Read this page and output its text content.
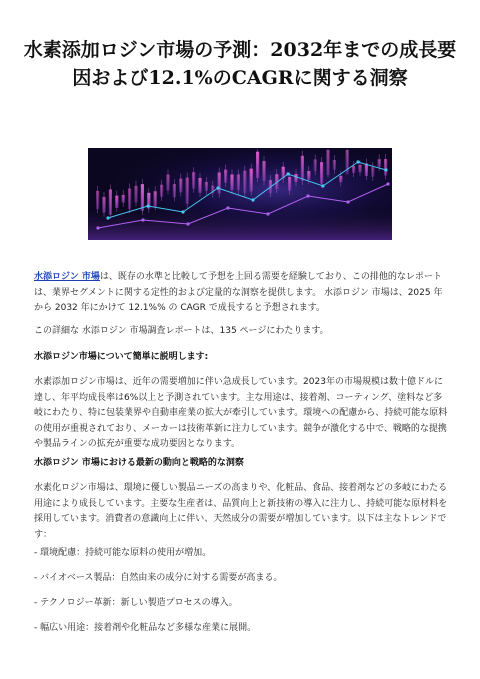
水素添加ロジン市場の予測：2032年までの成長要因および12.1%のCAGRに関する洞察

水添ロジン 市場は、既存の水準と比較して予想を上回る需要を経験しており、この排他的なレポートは、業界セグメントに関する定性的および定量的な洞察を提供します。 水添ロジン 市場は、2025 年から 2032 年にかけて 12.1%% の CAGR で成長すると予想されます。

この詳細な 水添ロジン 市場調査レポートは、135 ページにわたります。

水添ロジン市場について簡単に説明します:

水素添加ロジン市場は、近年の需要増加に伴い急成長しています。2023年の市場規模は数十億ドルに達し、年平均成長率は6%以上と予測されています。主な用途は、接着剤、コーティング、塗料など多岐にわたり、特に包装業界や自動車産業の拡大が牽引しています。環境への配慮から、持続可能な原料の使用が重視されており、メーカーは技術革新に注力しています。競争が激化する中で、戦略的な提携や製品ラインの拡充が重要な成功要因となります。

水添ロジン 市場における最新の動向と戦略的な洞察

水素化ロジン市場は、環境に優しい製品ニーズの高まりや、化粧品、食品、接着剤などの多岐にわたる用途により成長しています。主要な生産者は、品質向上と新技術の導入に注力し、持続可能な原材料を採用しています。消費者の意識向上に伴い、天然成分の需要が増加しています。以下は主なトレンドです：

- 環境配慮：持続可能な原料の使用が増加。

- バイオベース製品：自然由来の成分に対する需要が高まる。

- テクノロジー革新：新しい製造プロセスの導入。

- 幅広い用途：接着剤や化粧品など多様な産業に展開。
